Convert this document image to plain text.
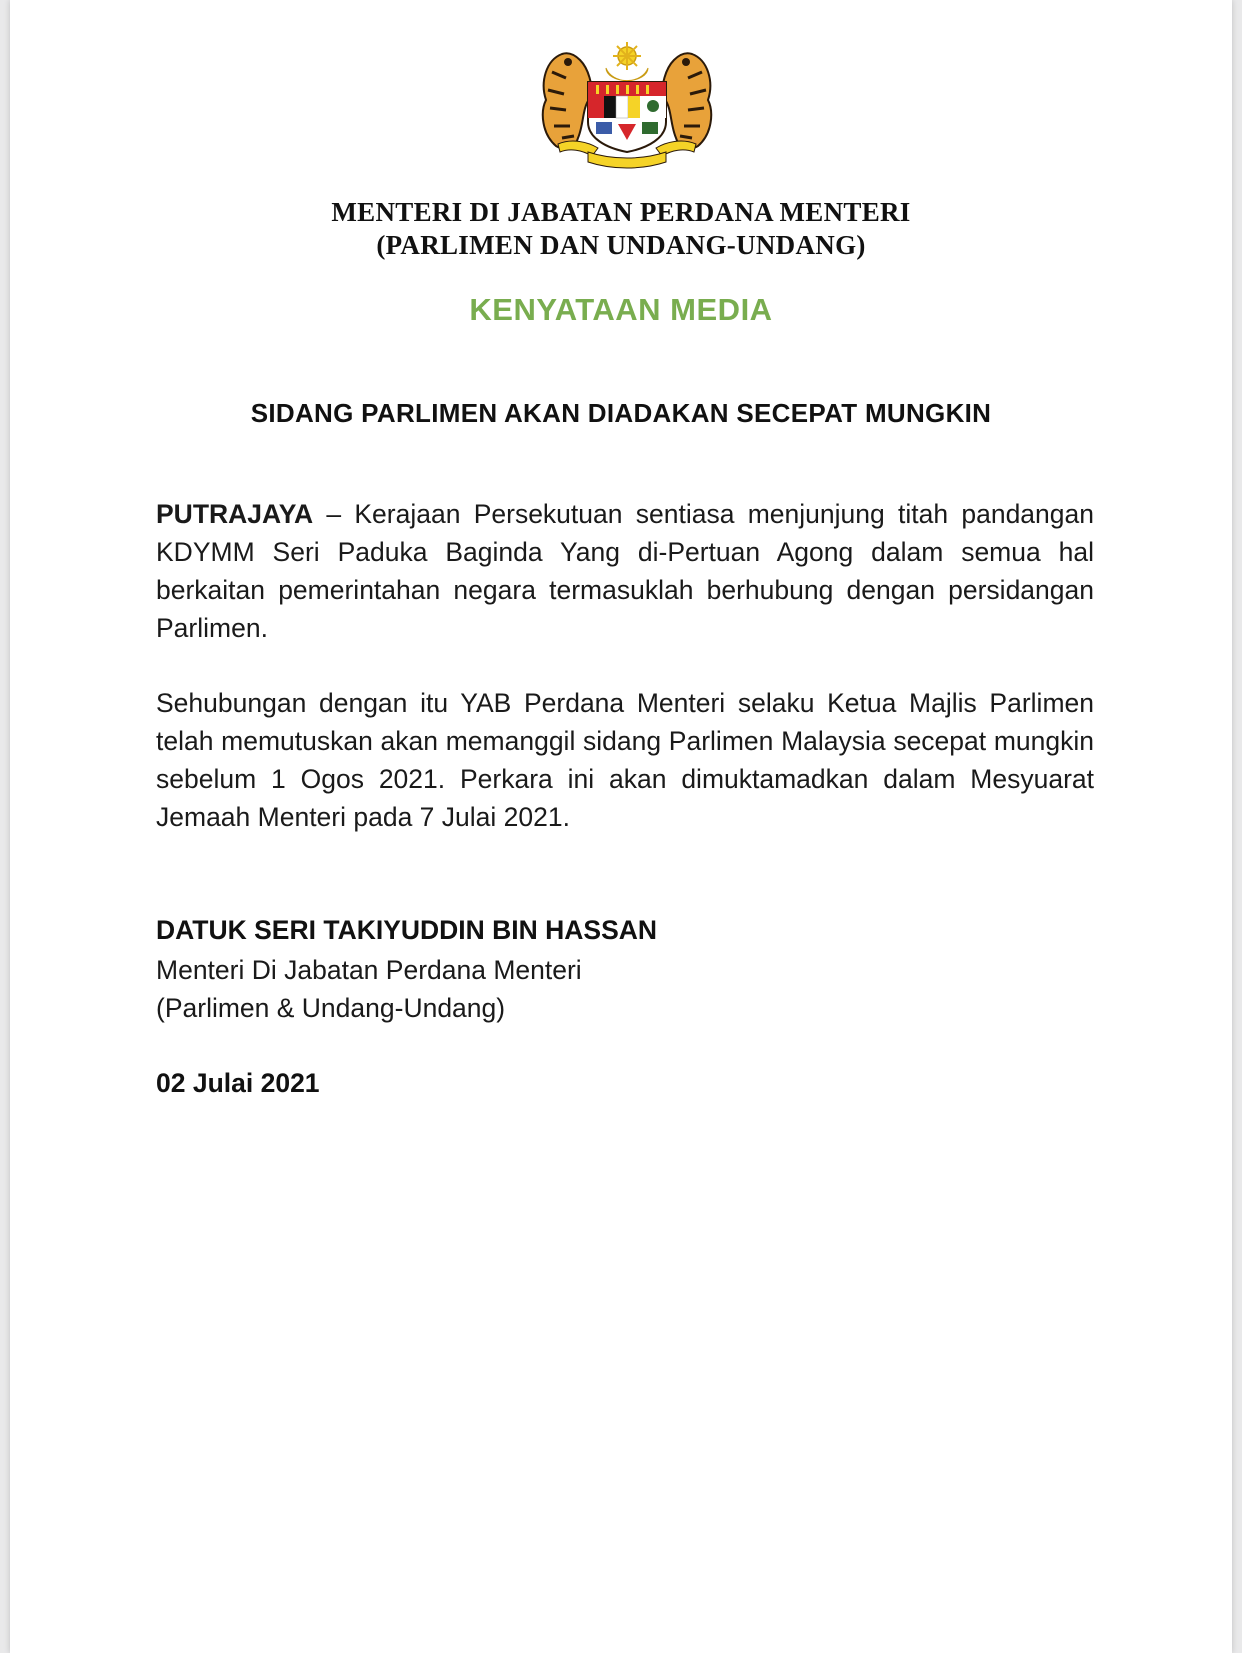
MENTERI DI JABATAN PERDANA MENTERI
(PARLIMEN DAN UNDANG-UNDANG)
KENYATAAN MEDIA
SIDANG PARLIMEN AKAN DIADAKAN SECEPAT MUNGKIN
PUTRAJAYA – Kerajaan Persekutuan sentiasa menjunjung titah pandangan KDYMM Seri Paduka Baginda Yang di-Pertuan Agong dalam semua hal berkaitan pemerintahan negara termasuklah berhubung dengan persidangan Parlimen.
Sehubungan dengan itu YAB Perdana Menteri selaku Ketua Majlis Parlimen telah memutuskan akan memanggil sidang Parlimen Malaysia secepat mungkin sebelum 1 Ogos 2021. Perkara ini akan dimuktamadkan dalam Mesyuarat Jemaah Menteri pada 7 Julai 2021.
DATUK SERI TAKIYUDDIN BIN HASSAN
Menteri Di Jabatan Perdana Menteri
(Parlimen & Undang-Undang)
02 Julai 2021
